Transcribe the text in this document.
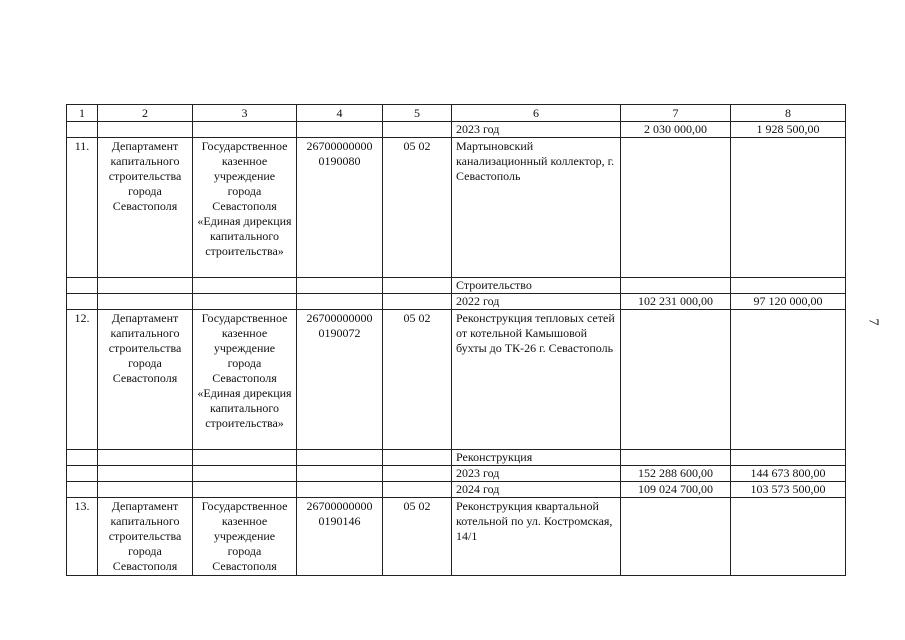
1	2	3	4	5	6	7	8
					2023 год	2 030 000,00	1 928 500,00
11.	Департамент капитального строительства города Севастополя	Государственное казенное учреждение города Севастополя «Единая дирекция капитального строительства»	26700000000 0190080	05 02	Мартыновский канализационный коллектор, г. Севастополь		
					Строительство		
					2022 год	102 231 000,00	97 120 000,00
12.	Департамент капитального строительства города Севастополя	Государственное казенное учреждение города Севастополя «Единая дирекция капитального строительства»	26700000000 0190072	05 02	Реконструкция тепловых сетей от котельной Камышовой бухты до ТК-26 г. Севастополь		
					Реконструкция		
					2023 год	152 288 600,00	144 673 800,00
					2024 год	109 024 700,00	103 573 500,00
13.	Департамент капитального строительства города Севастополя	Государственное казенное учреждение города Севастополя	26700000000 0190146	05 02	Реконструкция квартальной котельной по ул. Костромская, 14/1		
7
